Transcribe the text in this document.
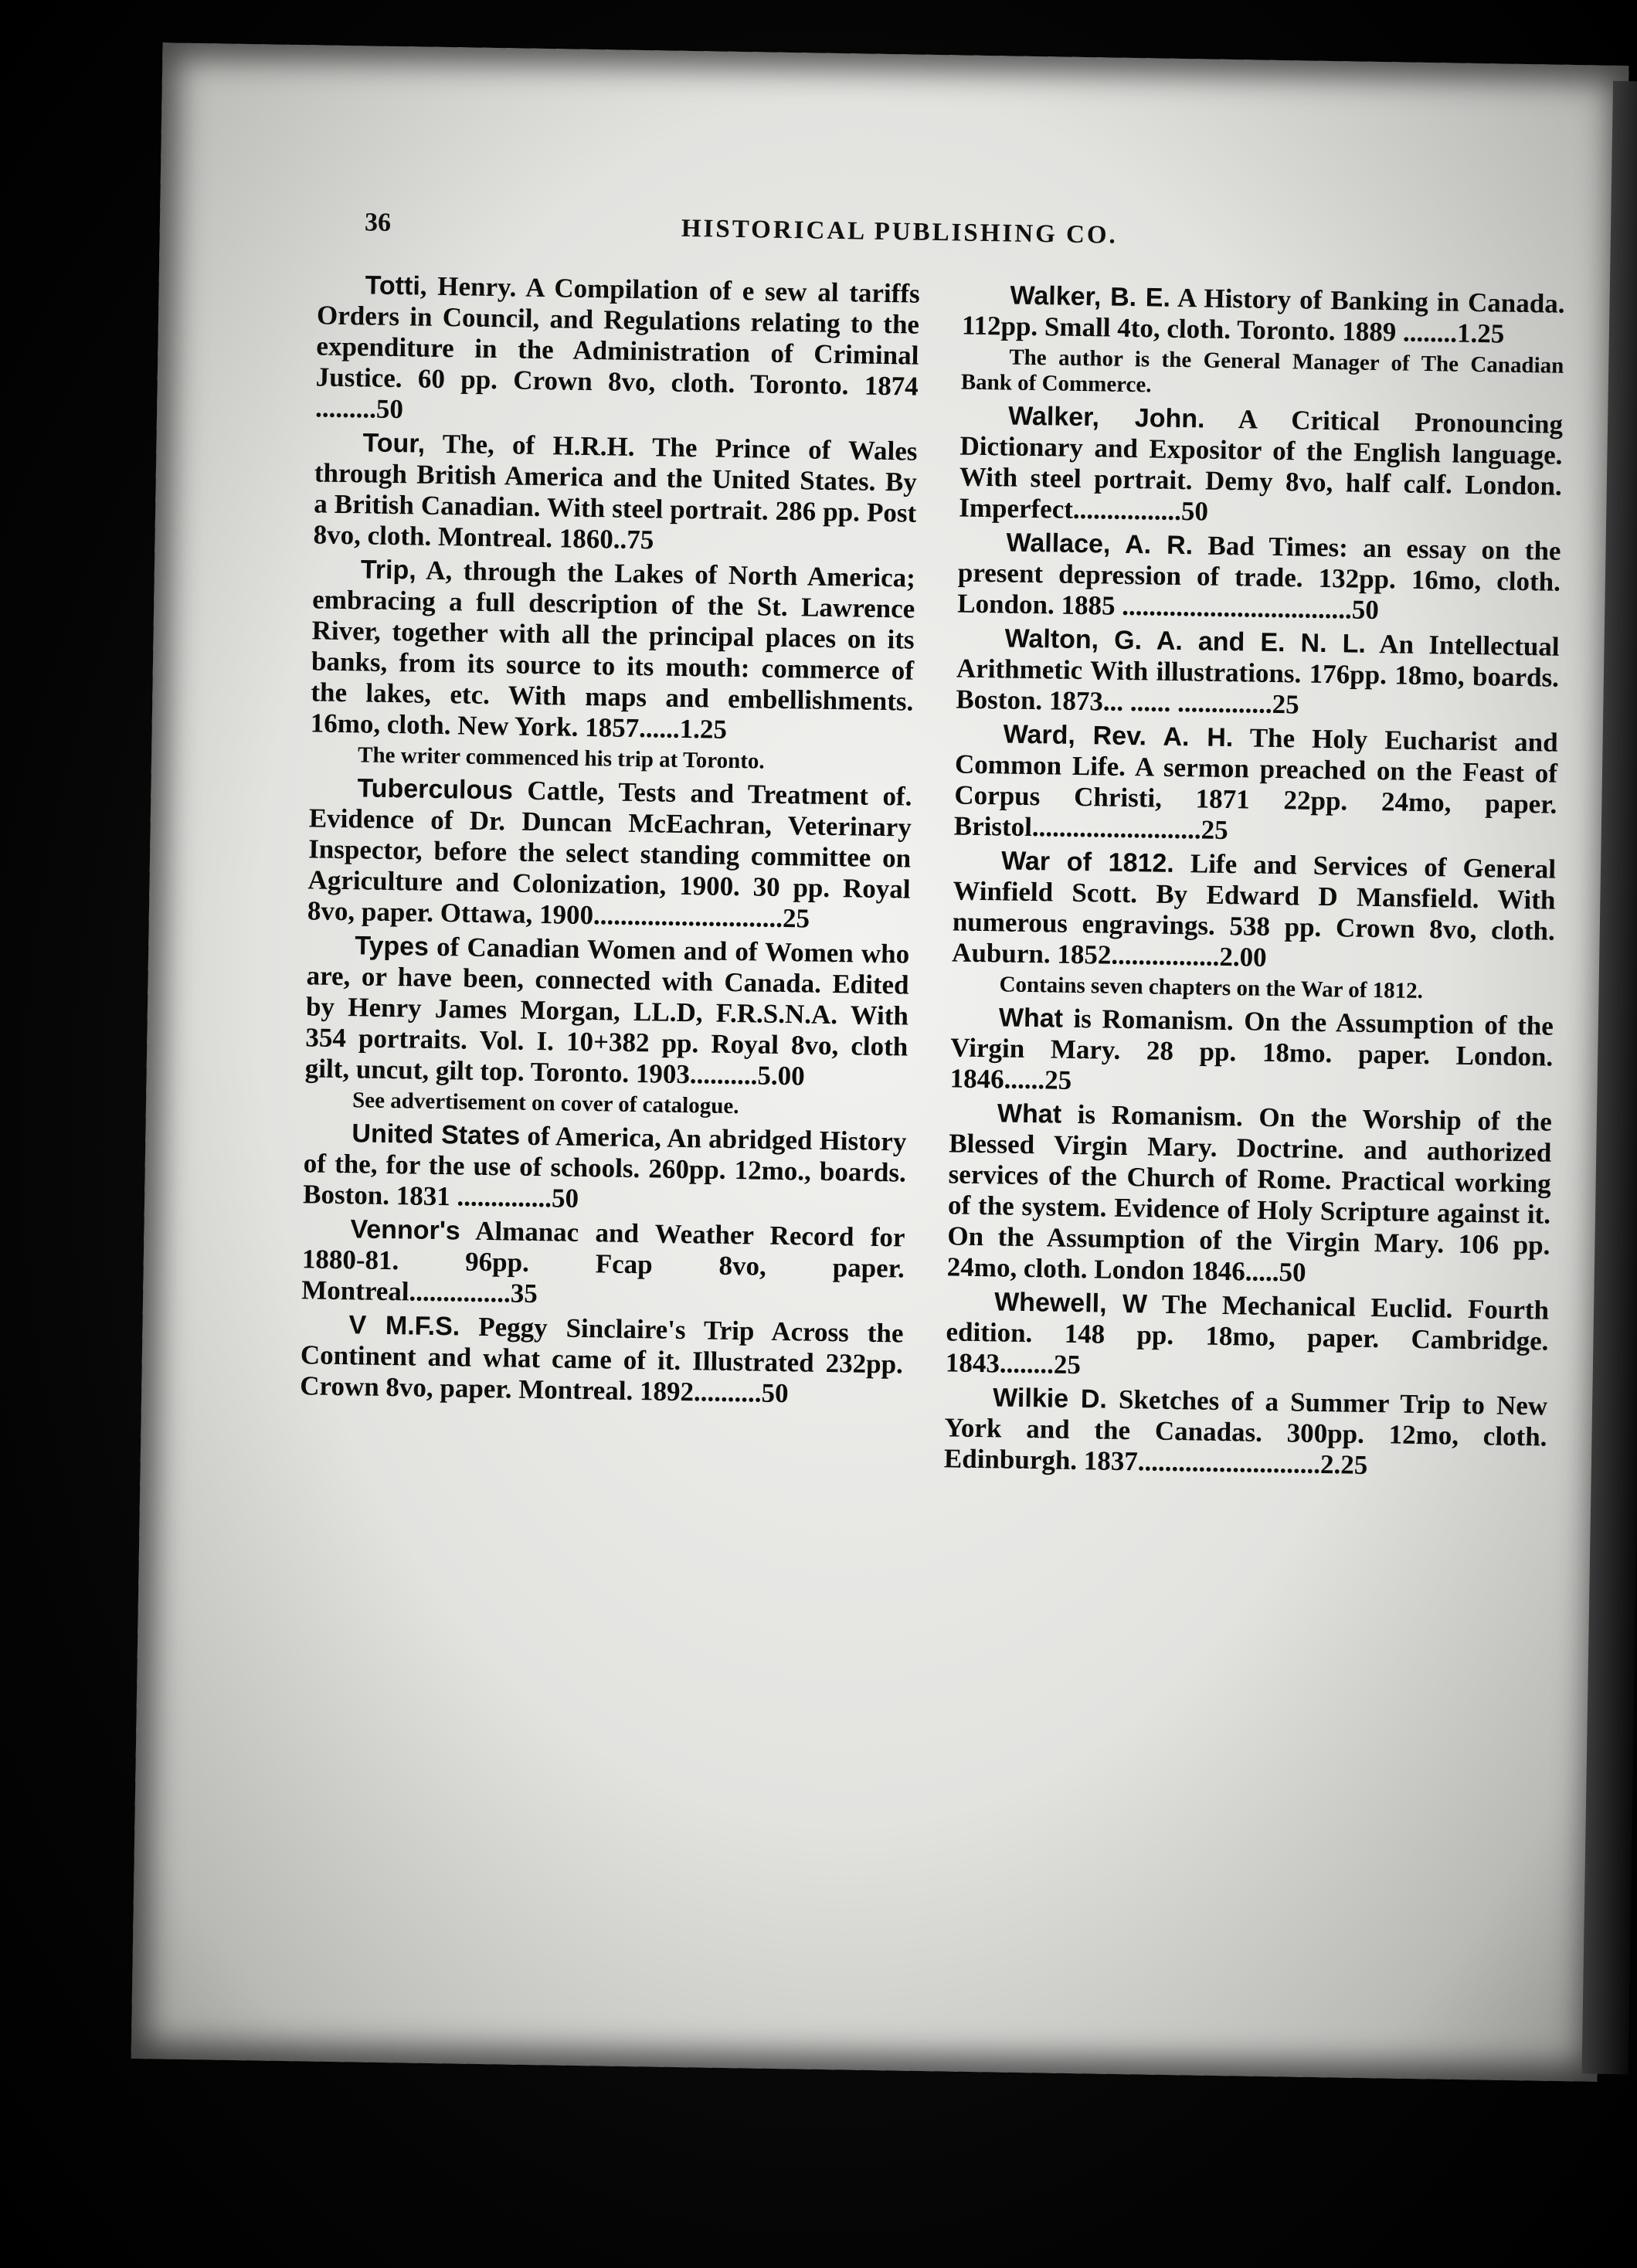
36	HISTORICAL PUBLISHING CO.

Totti, Henry. A Compilation of e sew al tariffs Orders in Council, and Regulations relating to the expenditure in the Administration of Criminal Justice. 60 pp. Crown 8vo, cloth. Toronto. 1874 .........50

Tour, The, of H.R.H. The Prince of Wales through British America and the United States. By a British Canadian. With steel portrait. 286 pp. Post 8vo, cloth. Montreal. 1860..75

Trip, A, through the Lakes of North America; embracing a full description of the St. Lawrence River, together with all the principal places on its banks, from its source to its mouth: commerce of the lakes, etc. With maps and embellishments. 16mo, cloth. New York. 1857......1.25

The writer commenced his trip at Toronto.

Tuberculous Cattle, Tests and Treatment of. Evidence of Dr. Duncan McEachran, Veterinary Inspector, before the select standing committee on Agriculture and Colonization, 1900. 30 pp. Royal 8vo, paper. Ottawa, 1900............................25

Types of Canadian Women and of Women who are, or have been, connected with Canada. Edited by Henry James Morgan, LL.D, F.R.S.N.A. With 354 portraits. Vol. I. 10+382 pp. Royal 8vo, cloth gilt, uncut, gilt top. Toronto. 1903..........5.00

See advertisement on cover of catalogue.

United States of America, An abridged History of the, for the use of schools. 260pp. 12mo., boards. Boston. 1831 ..............50

Vennor's Almanac and Weather Record for 1880-81. 96pp. Fcap 8vo, paper. Montreal...............35

V M.F.S. Peggy Sinclaire's Trip Across the Continent and what came of it. Illustrated 232pp. Crown 8vo, paper. Montreal. 1892..........50

Walker, B. E. A History of Banking in Canada. 112pp. Small 4to, cloth. Toronto. 1889 ........1.25

The author is the General Manager of The Canadian Bank of Commerce.

Walker, John. A Critical Pronouncing Dictionary and Expositor of the English language. With steel portrait. Demy 8vo, half calf. London. Imperfect................50

Wallace, A. R. Bad Times: an essay on the present depression of trade. 132pp. 16mo, cloth. London. 1885 ..................................50

Walton, G. A. and E. N. L. An Intellectual Arithmetic With illustrations. 176pp. 18mo, boards. Boston. 1873... ...... ..............25

Ward, Rev. A. H. The Holy Eucharist and Common Life. A sermon preached on the Feast of Corpus Christi, 1871 22pp. 24mo, paper. Bristol.........................25

War of 1812. Life and Services of General Winfield Scott. By Edward D Mansfield. With numerous engravings. 538 pp. Crown 8vo, cloth. Auburn. 1852................2.00

Contains seven chapters on the War of 1812.

What is Romanism. On the Assumption of the Virgin Mary. 28 pp. 18mo. paper. London. 1846......25

What is Romanism. On the Worship of the Blessed Virgin Mary. Doctrine. and authorized services of the Church of Rome. Practical working of the system. Evidence of Holy Scripture against it. On the Assumption of the Virgin Mary. 106 pp. 24mo, cloth. London 1846.....50

Whewell, W The Mechanical Euclid. Fourth edition. 148 pp. 18mo, paper. Cambridge. 1843........25

Wilkie D. Sketches of a Summer Trip to New York and the Canadas. 300pp. 12mo, cloth. Edinburgh. 1837...........................2.25
